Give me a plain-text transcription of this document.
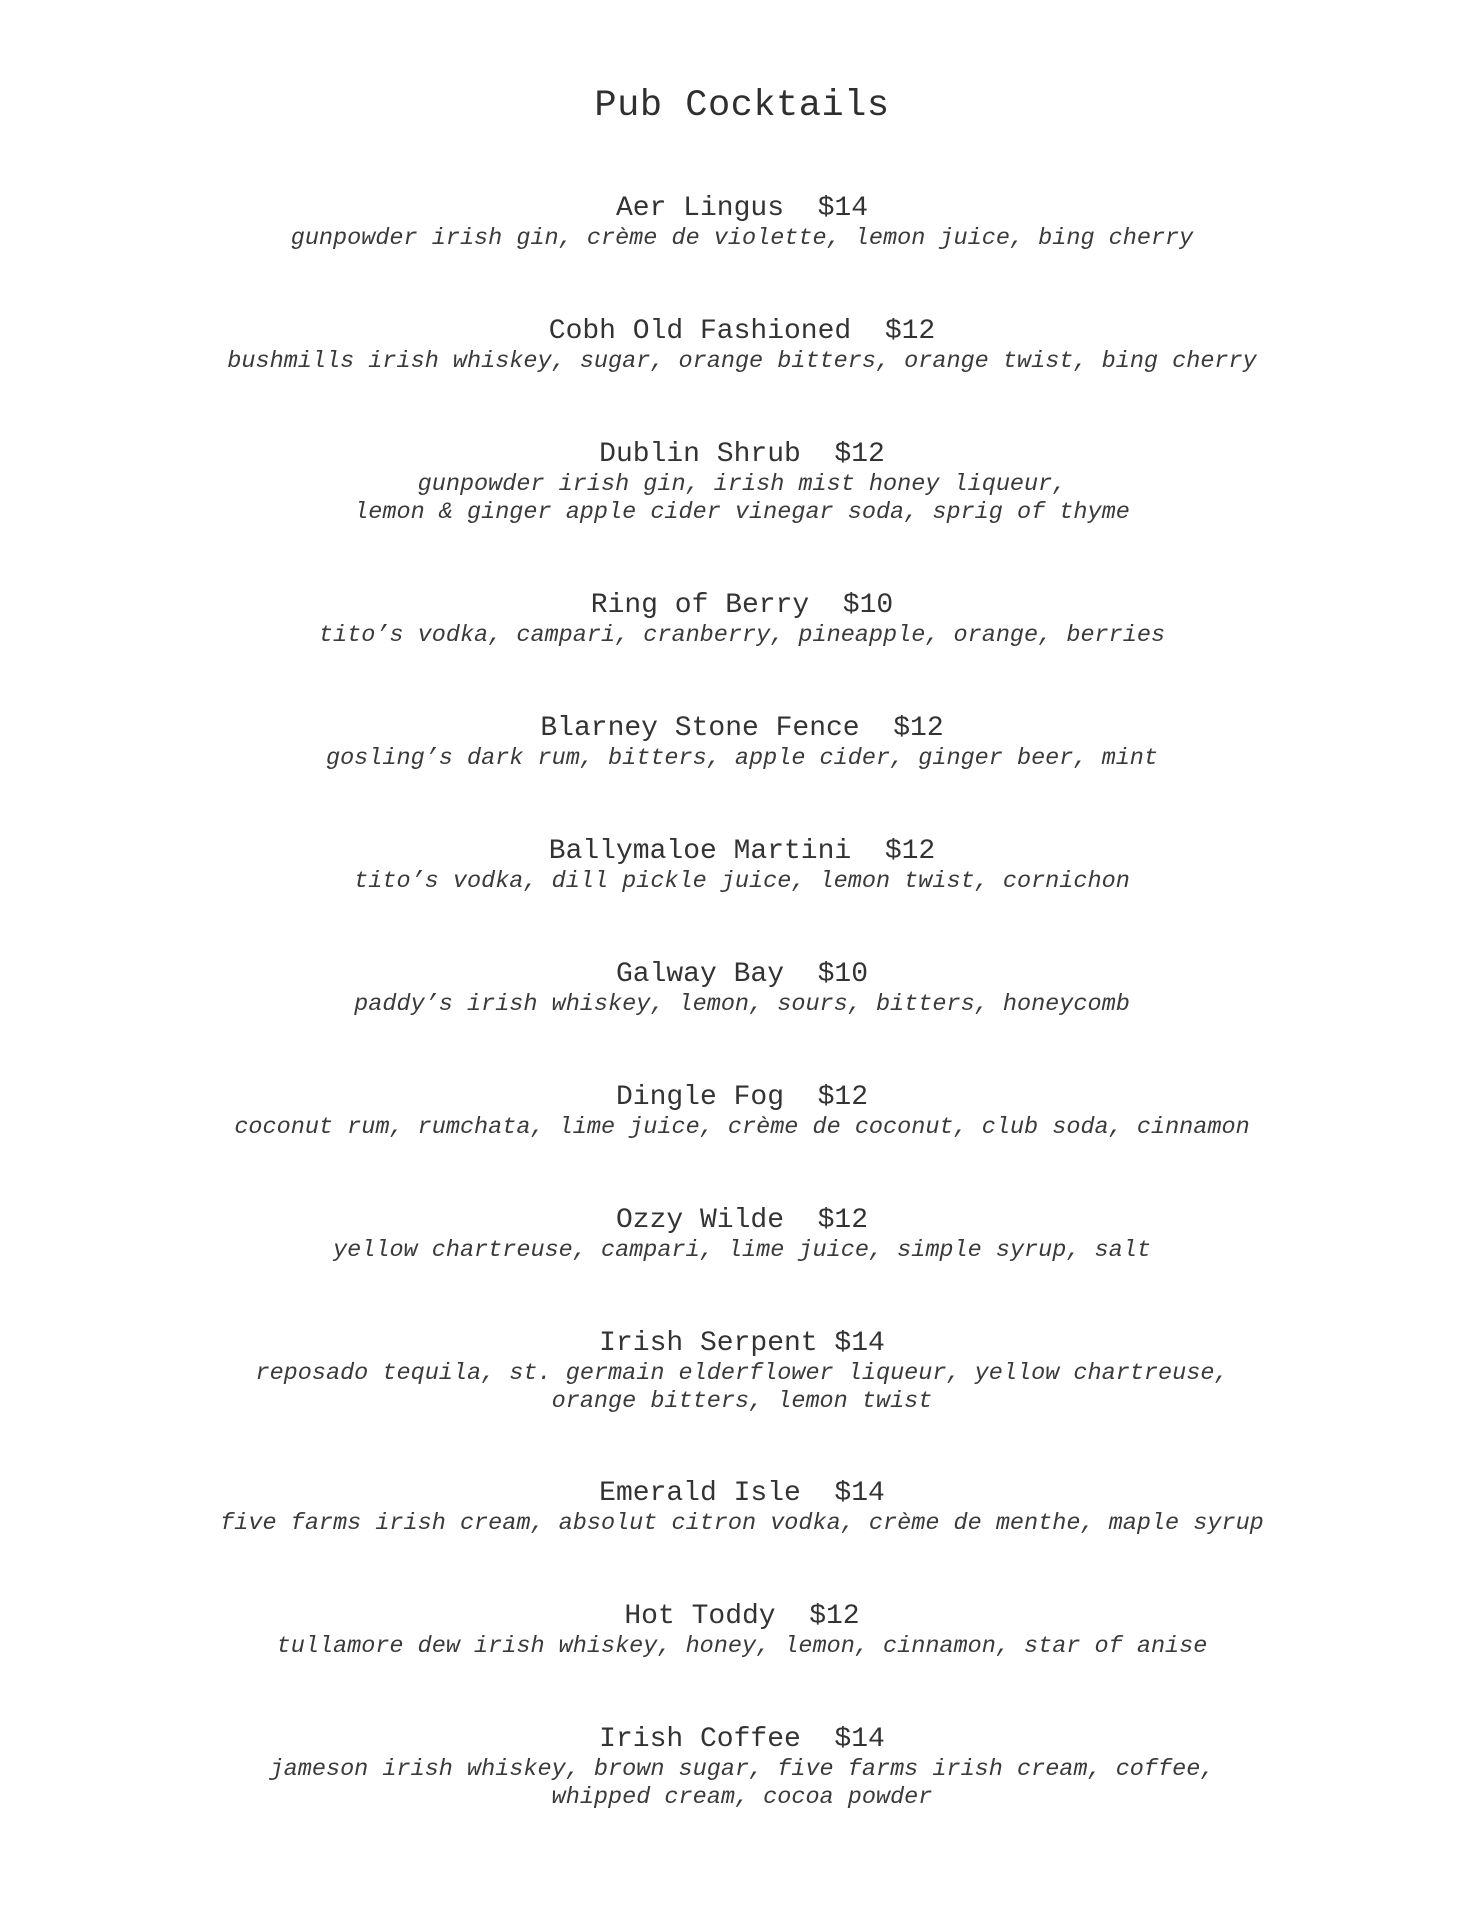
Pub Cocktails
Aer Lingus  $14
gunpowder irish gin, crème de violette, lemon juice, bing cherry
Cobh Old Fashioned  $12
bushmills irish whiskey, sugar, orange bitters, orange twist, bing cherry
Dublin Shrub  $12
gunpowder irish gin, irish mist honey liqueur,
lemon & ginger apple cider vinegar soda, sprig of thyme
Ring of Berry  $10
tito’s vodka, campari, cranberry, pineapple, orange, berries
Blarney Stone Fence  $12
gosling’s dark rum, bitters, apple cider, ginger beer, mint
Ballymaloe Martini  $12
tito’s vodka, dill pickle juice, lemon twist, cornichon
Galway Bay  $10
paddy’s irish whiskey, lemon, sours, bitters, honeycomb
Dingle Fog  $12
coconut rum, rumchata, lime juice, crème de coconut, club soda, cinnamon
Ozzy Wilde  $12
yellow chartreuse, campari, lime juice, simple syrup, salt
Irish Serpent $14
reposado tequila, st. germain elderflower liqueur, yellow chartreuse,
orange bitters, lemon twist
Emerald Isle  $14
five farms irish cream, absolut citron vodka, crème de menthe, maple syrup
Hot Toddy  $12
tullamore dew irish whiskey, honey, lemon, cinnamon, star of anise
Irish Coffee  $14
jameson irish whiskey, brown sugar, five farms irish cream, coffee,
whipped cream, cocoa powder
